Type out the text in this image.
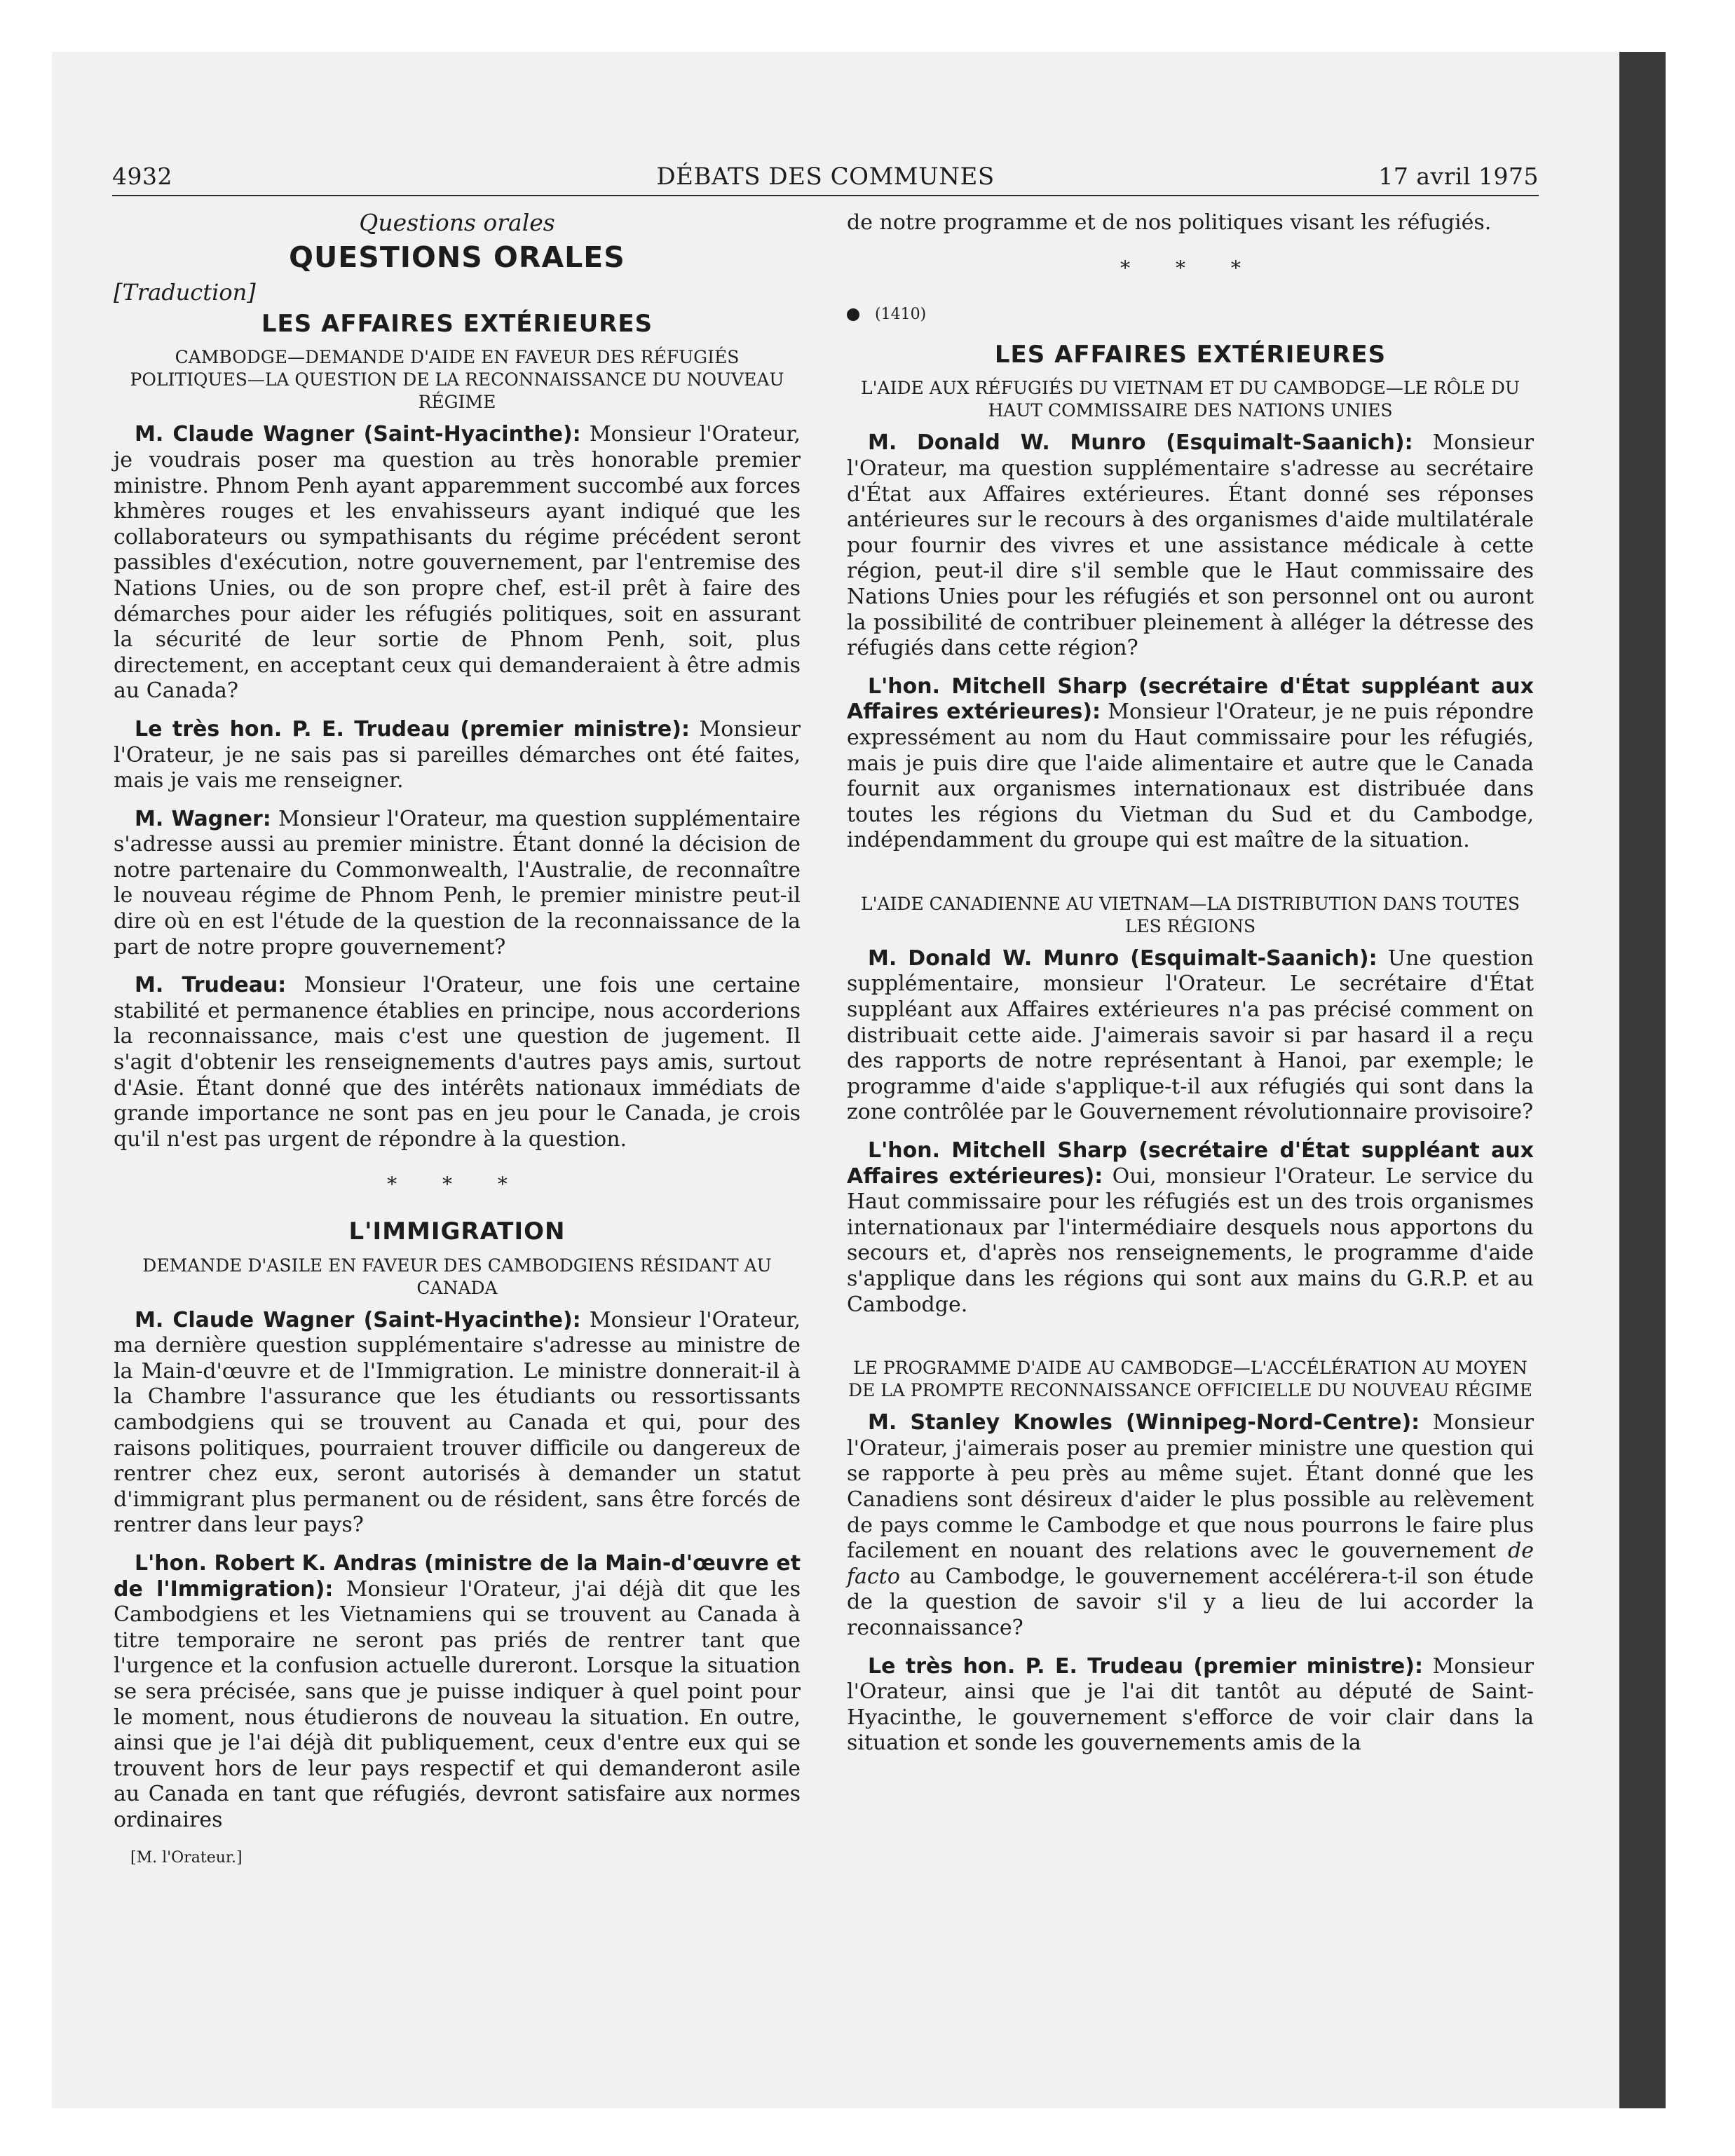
4932	DÉBATS DES COMMUNES	17 avril 1975
Questions orales
QUESTIONS ORALES
[Traduction]
LES AFFAIRES EXTÉRIEURES
CAMBODGE—DEMANDE D'AIDE EN FAVEUR DES RÉFUGIÉS POLITIQUES—LA QUESTION DE LA RECONNAISSANCE DU NOUVEAU RÉGIME

M. Claude Wagner (Saint-Hyacinthe): Monsieur l'Orateur, je voudrais poser ma question au très honorable premier ministre. Phnom Penh ayant apparemment succombé aux forces khmères rouges et les envahisseurs ayant indiqué que les collaborateurs ou sympathisants du régime précédent seront passibles d'exécution, notre gouvernement, par l'entremise des Nations Unies, ou de son propre chef, est-il prêt à faire des démarches pour aider les réfugiés politiques, soit en assurant la sécurité de leur sortie de Phnom Penh, soit, plus directement, en acceptant ceux qui demanderaient à être admis au Canada?

Le très hon. P. E. Trudeau (premier ministre): Monsieur l'Orateur, je ne sais pas si pareilles démarches ont été faites, mais je vais me renseigner.

M. Wagner: Monsieur l'Orateur, ma question supplémentaire s'adresse aussi au premier ministre. Étant donné la décision de notre partenaire du Commonwealth, l'Australie, de reconnaître le nouveau régime de Phnom Penh, le premier ministre peut-il dire où en est l'étude de la question de la reconnaissance de la part de notre propre gouvernement?

M. Trudeau: Monsieur l'Orateur, une fois une certaine stabilité et permanence établies en principe, nous accorderions la reconnaissance, mais c'est une question de jugement. Il s'agit d'obtenir les renseignements d'autres pays amis, surtout d'Asie. Étant donné que des intérêts nationaux immédiats de grande importance ne sont pas en jeu pour le Canada, je crois qu'il n'est pas urgent de répondre à la question.

* * *
L'IMMIGRATION
DEMANDE D'ASILE EN FAVEUR DES CAMBODGIENS RÉSIDANT AU CANADA

M. Claude Wagner (Saint-Hyacinthe): Monsieur l'Orateur, ma dernière question supplémentaire s'adresse au ministre de la Main-d'œuvre et de l'Immigration. Le ministre donnerait-il à la Chambre l'assurance que les étudiants ou ressortissants cambodgiens qui se trouvent au Canada et qui, pour des raisons politiques, pourraient trouver difficile ou dangereux de rentrer chez eux, seront autorisés à demander un statut d'immigrant plus permanent ou de résident, sans être forcés de rentrer dans leur pays?

L'hon. Robert K. Andras (ministre de la Main-d'œuvre et de l'Immigration): Monsieur l'Orateur, j'ai déjà dit que les Cambodgiens et les Vietnamiens qui se trouvent au Canada à titre temporaire ne seront pas priés de rentrer tant que l'urgence et la confusion actuelle dureront. Lorsque la situation se sera précisée, sans que je puisse indiquer à quel point pour le moment, nous étudierons de nouveau la situation. En outre, ainsi que je l'ai déjà dit publiquement, ceux d'entre eux qui se trouvent hors de leur pays respectif et qui demanderont asile au Canada en tant que réfugiés, devront satisfaire aux normes ordinaires

[M. l'Orateur.]

de notre programme et de nos politiques visant les réfugiés.

* * *
(1410)
LES AFFAIRES EXTÉRIEURES
L'AIDE AUX RÉFUGIÉS DU VIETNAM ET DU CAMBODGE—LE RÔLE DU HAUT COMMISSAIRE DES NATIONS UNIES

M. Donald W. Munro (Esquimalt-Saanich): Monsieur l'Orateur, ma question supplémentaire s'adresse au secrétaire d'État aux Affaires extérieures. Étant donné ses réponses antérieures sur le recours à des organismes d'aide multilatérale pour fournir des vivres et une assistance médicale à cette région, peut-il dire s'il semble que le Haut commissaire des Nations Unies pour les réfugiés et son personnel ont ou auront la possibilité de contribuer pleinement à alléger la détresse des réfugiés dans cette région?

L'hon. Mitchell Sharp (secrétaire d'État suppléant aux Affaires extérieures): Monsieur l'Orateur, je ne puis répondre expressément au nom du Haut commissaire pour les réfugiés, mais je puis dire que l'aide alimentaire et autre que le Canada fournit aux organismes internationaux est distribuée dans toutes les régions du Vietman du Sud et du Cambodge, indépendamment du groupe qui est maître de la situation.

L'AIDE CANADIENNE AU VIETNAM—LA DISTRIBUTION DANS TOUTES LES RÉGIONS

M. Donald W. Munro (Esquimalt-Saanich): Une question supplémentaire, monsieur l'Orateur. Le secrétaire d'État suppléant aux Affaires extérieures n'a pas précisé comment on distribuait cette aide. J'aimerais savoir si par hasard il a reçu des rapports de notre représentant à Hanoi, par exemple; le programme d'aide s'applique-t-il aux réfugiés qui sont dans la zone contrôlée par le Gouvernement révolutionnaire provisoire?

L'hon. Mitchell Sharp (secrétaire d'État suppléant aux Affaires extérieures): Oui, monsieur l'Orateur. Le service du Haut commissaire pour les réfugiés est un des trois organismes internationaux par l'intermédiaire desquels nous apportons du secours et, d'après nos renseignements, le programme d'aide s'applique dans les régions qui sont aux mains du G.R.P. et au Cambodge.

LE PROGRAMME D'AIDE AU CAMBODGE—L'ACCÉLÉRATION AU MOYEN DE LA PROMPTE RECONNAISSANCE OFFICIELLE DU NOUVEAU RÉGIME

M. Stanley Knowles (Winnipeg-Nord-Centre): Monsieur l'Orateur, j'aimerais poser au premier ministre une question qui se rapporte à peu près au même sujet. Étant donné que les Canadiens sont désireux d'aider le plus possible au relèvement de pays comme le Cambodge et que nous pourrons le faire plus facilement en nouant des relations avec le gouvernement de facto au Cambodge, le gouvernement accélérera-t-il son étude de la question de savoir s'il y a lieu de lui accorder la reconnaissance?

Le très hon. P. E. Trudeau (premier ministre): Monsieur l'Orateur, ainsi que je l'ai dit tantôt au député de Saint-Hyacinthe, le gouvernement s'efforce de voir clair dans la situation et sonde les gouvernements amis de la
